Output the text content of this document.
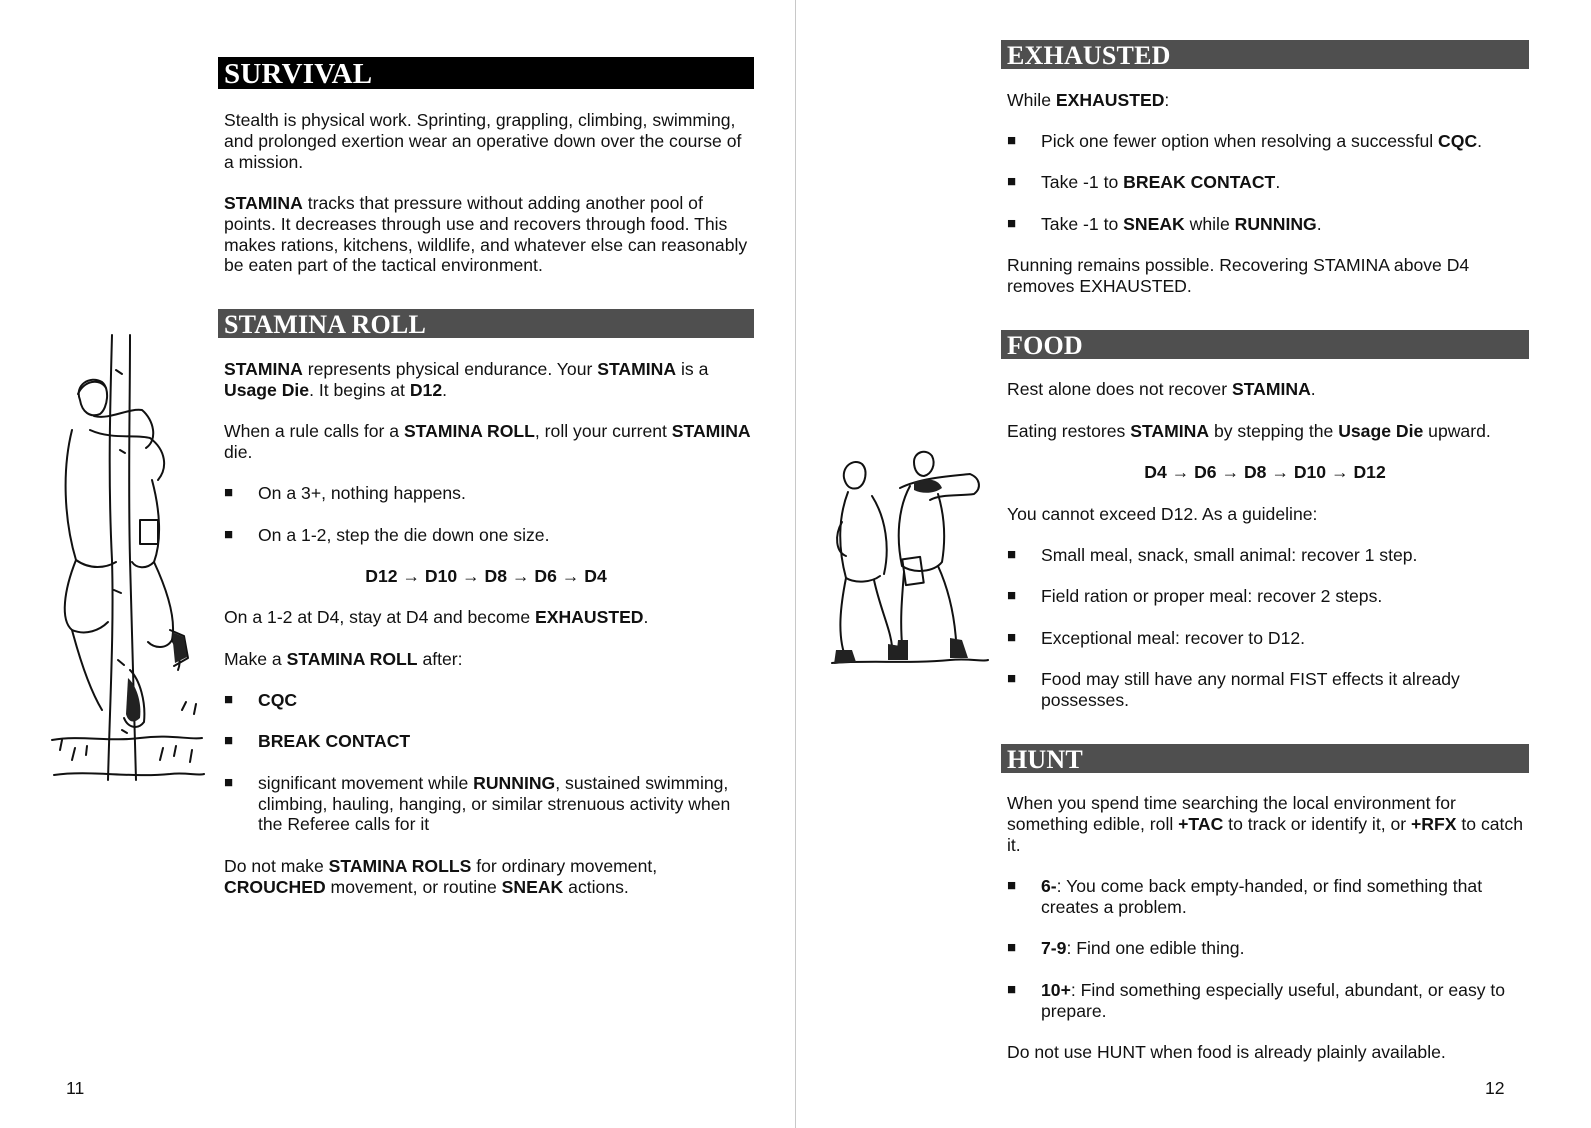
SURVIVAL

Stealth is physical work. Sprinting, grappling, climbing, swimming, and prolonged exertion wear an operative down over the course of a mission.

STAMINA tracks that pressure without adding another pool of points. It decreases through use and recovers through food. This makes rations, kitchens, wildlife, and whatever else can reasonably be eaten part of the tactical environment.

STAMINA ROLL

STAMINA represents physical endurance. Your STAMINA is a Usage Die. It begins at D12.

When a rule calls for a STAMINA ROLL, roll your current STAMINA die.

■ On a 3+, nothing happens.

■ On a 1-2, step the die down one size.

D12 → D10 → D8 → D6 → D4

On a 1-2 at D4, stay at D4 and become EXHAUSTED.

Make a STAMINA ROLL after:

■ CQC

■ BREAK CONTACT

■ significant movement while RUNNING, sustained swimming, climbing, hauling, hanging, or similar strenuous activity when the Referee calls for it

Do not make STAMINA ROLLS for ordinary movement, CROUCHED movement, or routine SNEAK actions.

11
EXHAUSTED

While EXHAUSTED:

■ Pick one fewer option when resolving a successful CQC.

■ Take -1 to BREAK CONTACT.

■ Take -1 to SNEAK while RUNNING.

Running remains possible. Recovering STAMINA above D4 removes EXHAUSTED.

FOOD

Rest alone does not recover STAMINA.

Eating restores STAMINA by stepping the Usage Die upward.

D4 → D6 → D8 → D10 → D12

You cannot exceed D12. As a guideline:

■ Small meal, snack, small animal: recover 1 step.

■ Field ration or proper meal: recover 2 steps.

■ Exceptional meal: recover to D12.

■ Food may still have any normal FIST effects it already possesses.

HUNT

When you spend time searching the local environment for something edible, roll +TAC to track or identify it, or +RFX to catch it.

■ 6-: You come back empty-handed, or find something that creates a problem.

■ 7-9: Find one edible thing.

■ 10+: Find something especially useful, abundant, or easy to prepare.

Do not use HUNT when food is already plainly available.

12
